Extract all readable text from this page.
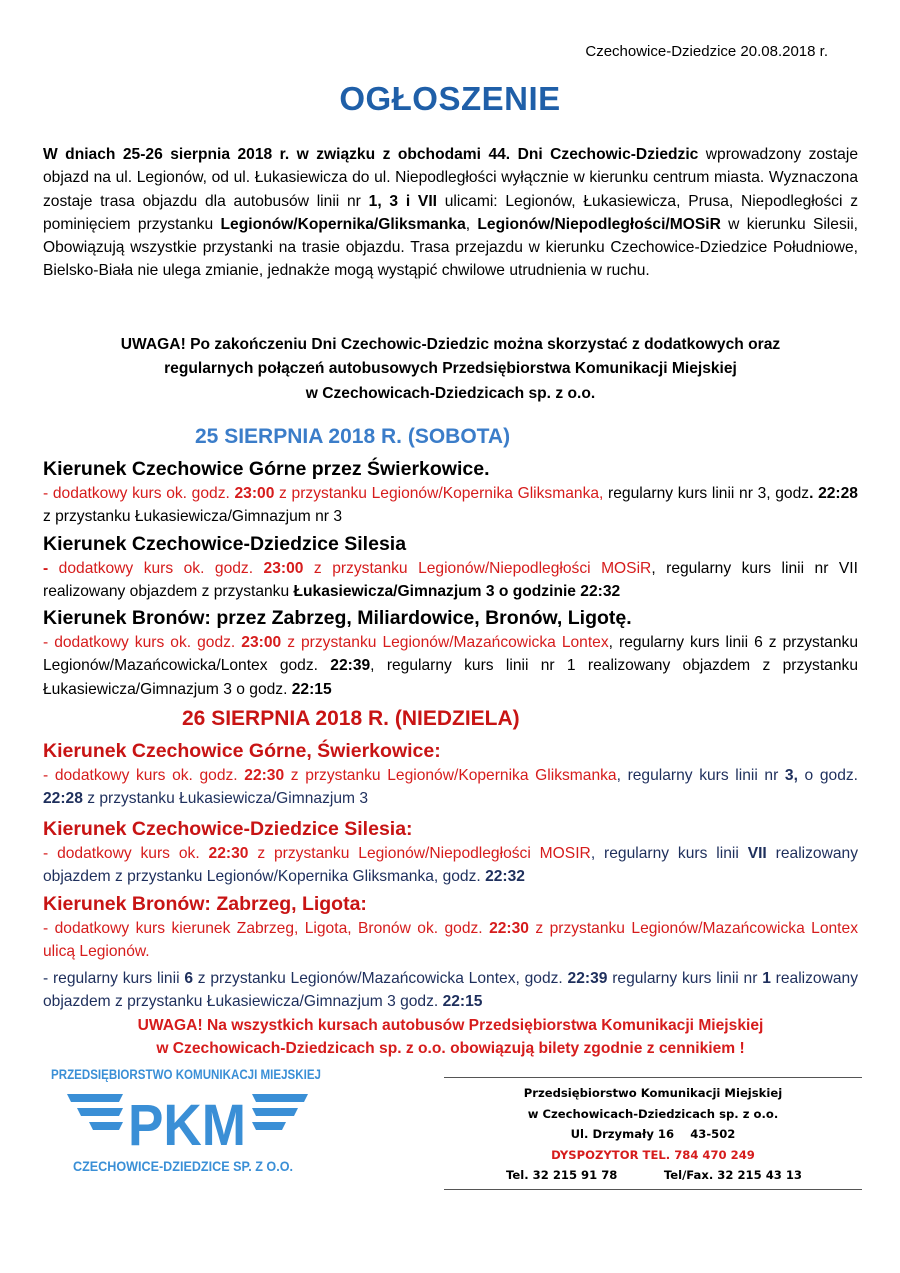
Czechowice-Dziedzice 20.08.2018 r.
OGŁOSZENIE

W dniach 25-26 sierpnia 2018 r. w związku z obchodami 44. Dni Czechowic-Dziedzic wprowadzony zostaje objazd na ul. Legionów, od ul. Łukasiewicza do ul. Niepodległości wyłącznie w kierunku centrum miasta. Wyznaczona zostaje trasa objazdu dla autobusów linii nr 1, 3 i VII ulicami: Legionów, Łukasiewicza, Prusa, Niepodległości z pominięciem przystanku Legionów/Kopernika/Gliksmanka, Legionów/Niepodległości/MOSiR w kierunku Silesii, Obowiązują wszystkie przystanki na trasie objazdu. Trasa przejazdu w kierunku Czechowice-Dziedzice Południowe, Bielsko-Biała nie ulega zmianie, jednakże mogą wystąpić chwilowe utrudnienia w ruchu.

UWAGA! Po zakończeniu Dni Czechowic-Dziedzic można skorzystać z dodatkowych oraz
regularnych połączeń autobusowych Przedsiębiorstwa Komunikacji Miejskiej
w Czechowicach-Dziedzicach sp. z o.o.
25 SIERPNIA 2018 R. (SOBOTA)

Kierunek Czechowice Górne przez Świerkowice.

- dodatkowy kurs ok. godz. 23:00 z przystanku Legionów/Kopernika Gliksmanka, regularny kurs linii nr 3, godz. 22:28 z przystanku Łukasiewicza/Gimnazjum nr 3

Kierunek Czechowice-Dziedzice Silesia

- dodatkowy kurs ok. godz. 23:00 z przystanku Legionów/Niepodległości MOSiR, regularny kurs linii nr VII realizowany objazdem z przystanku Łukasiewicza/Gimnazjum 3 o godzinie 22:32

Kierunek Bronów: przez Zabrzeg, Miliardowice, Bronów, Ligotę.

- dodatkowy kurs ok. godz. 23:00 z przystanku Legionów/Mazańcowicka Lontex, regularny kurs linii 6 z przystanku Legionów/Mazańcowicka/Lontex godz. 22:39, regularny kurs linii nr 1 realizowany objazdem z przystanku Łukasiewicza/Gimnazjum 3 o godz. 22:15

26 SIERPNIA 2018 R. (NIEDZIELA)

Kierunek Czechowice Górne, Świerkowice:

- dodatkowy kurs ok. godz. 22:30 z przystanku Legionów/Kopernika Gliksmanka, regularny kurs linii nr 3, o godz. 22:28 z przystanku Łukasiewicza/Gimnazjum 3

Kierunek Czechowice-Dziedzice Silesia:

- dodatkowy kurs ok. 22:30 z przystanku Legionów/Niepodległości MOSIR, regularny kurs linii VII realizowany objazdem z przystanku Legionów/Kopernika Gliksmanka, godz. 22:32

Kierunek Bronów: Zabrzeg, Ligota:

- dodatkowy kurs kierunek Zabrzeg, Ligota, Bronów ok. godz. 22:30 z przystanku Legionów/Mazańcowicka Lontex ulicą Legionów.

- regularny kurs linii 6 z przystanku Legionów/Mazańcowicka Lontex, godz. 22:39 regularny kurs linii nr 1 realizowany objazdem z przystanku Łukasiewicza/Gimnazjum 3 godz. 22:15

UWAGA! Na wszystkich kursach autobusów Przedsiębiorstwa Komunikacji Miejskiej
w Czechowicach-Dziedzicach sp. z o.o. obowiązują bilety zgodnie z cennikiem !
PRZEDSIĘBIORSTWO KOMUNIKACJI MIEJSKIEJ
PKM
CZECHOWICE-DZIEDZICE SP. Z O.O.
Przedsiębiorstwo Komunikacji Miejskiej
w Czechowicach-Dziedzicach sp. z o.o.
Ul. Drzymały 16    43-502
DYSPOZYTOR TEL. 784 470 249
Tel. 32 215 91 78	Tel/Fax. 32 215 43 13
